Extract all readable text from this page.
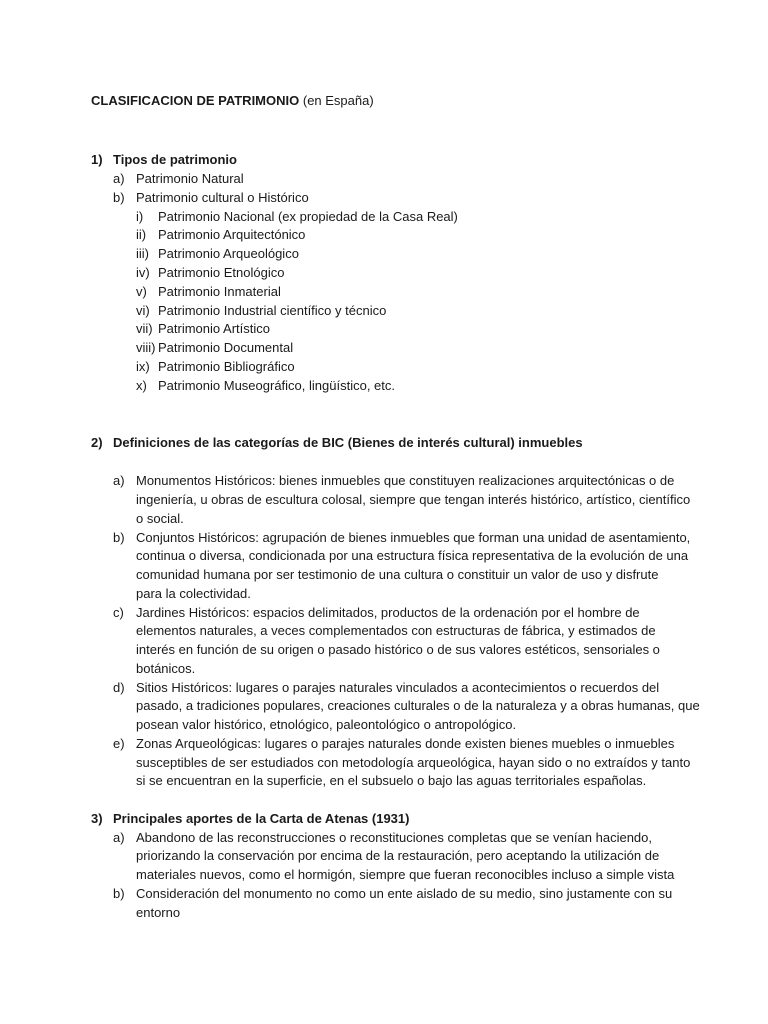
CLASIFICACION DE PATRIMONIO (en España)
1) Tipos de patrimonio
a) Patrimonio Natural
b) Patrimonio cultural o Histórico
i) Patrimonio Nacional (ex propiedad de la Casa Real)
ii) Patrimonio Arquitectónico
iii) Patrimonio Arqueológico
iv) Patrimonio Etnológico
v) Patrimonio Inmaterial
vi) Patrimonio Industrial científico y técnico
vii) Patrimonio Artístico
viii) Patrimonio Documental
ix) Patrimonio Bibliográfico
x) Patrimonio Museográfico, lingüístico, etc.
2) Definiciones de las categorías de BIC (Bienes de interés cultural) inmuebles
a) Monumentos Históricos: bienes inmuebles que constituyen realizaciones arquitectónicas o de
ingeniería, u obras de escultura colosal, siempre que tengan interés histórico, artístico, científico
o social.
b) Conjuntos Históricos: agrupación de bienes inmuebles que forman una unidad de asentamiento,
continua o diversa, condicionada por una estructura física representativa de la evolución de una
comunidad humana por ser testimonio de una cultura o constituir un valor de uso y disfrute
para la colectividad.
c) Jardines Históricos: espacios delimitados, productos de la ordenación por el hombre de
elementos naturales, a veces complementados con estructuras de fábrica, y estimados de
interés en función de su origen o pasado histórico o de sus valores estéticos, sensoriales o
botánicos.
d) Sitios Históricos: lugares o parajes naturales vinculados a acontecimientos o recuerdos del
pasado, a tradiciones populares, creaciones culturales o de la naturaleza y a obras humanas, que
posean valor histórico, etnológico, paleontológico o antropológico.
e) Zonas Arqueológicas: lugares o parajes naturales donde existen bienes muebles o inmuebles
susceptibles de ser estudiados con metodología arqueológica, hayan sido o no extraídos y tanto
si se encuentran en la superficie, en el subsuelo o bajo las aguas territoriales españolas.
3) Principales aportes de la Carta de Atenas (1931)
a) Abandono de las reconstrucciones o reconstituciones completas que se venían haciendo,
priorizando la conservación por encima de la restauración, pero aceptando la utilización de
materiales nuevos, como el hormigón, siempre que fueran reconocibles incluso a simple vista
b) Consideración del monumento no como un ente aislado de su medio, sino justamente con su
entorno
